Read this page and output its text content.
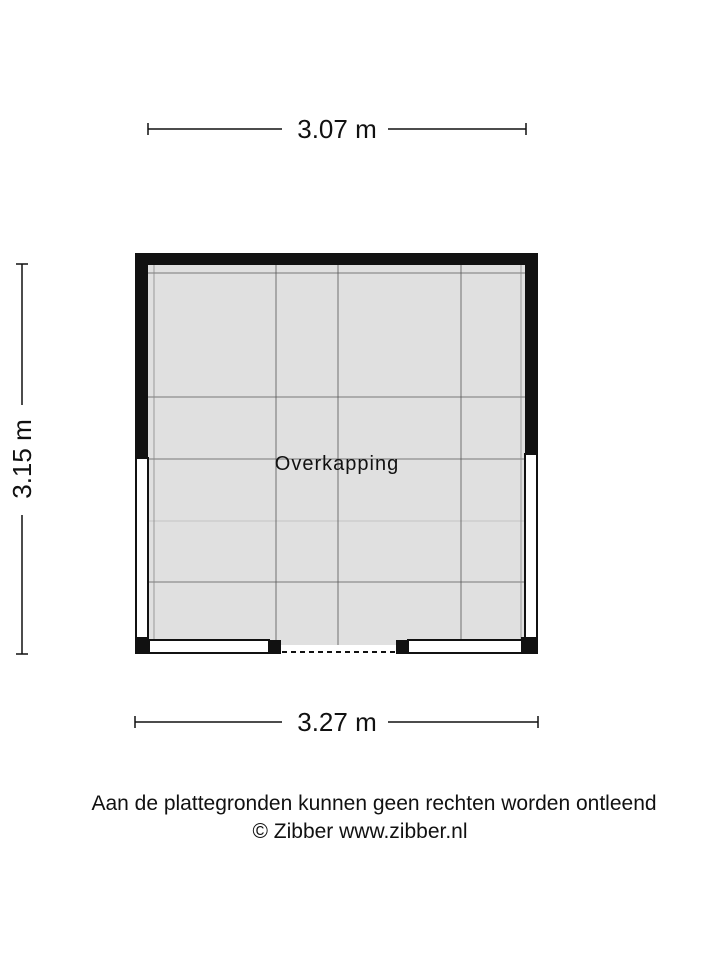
3.07 m
3.15 m
3.27 m
Overkapping
Aan de plattegronden kunnen geen rechten worden ontleend
© Zibber www.zibber.nl
